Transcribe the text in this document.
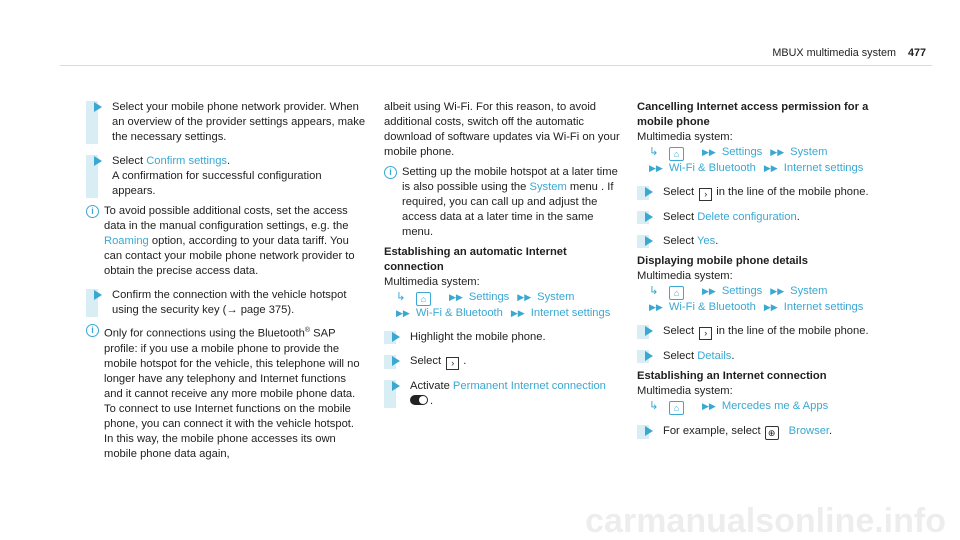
MBUX multimedia system 477

Select your mobile phone network provider. When an overview of the provider settings appears, make the necessary settings.

Select Confirm settings.

A confirmation for successful configuration appears.

i To avoid possible additional costs, set the access data in the manual configuration settings, e.g. the Roaming option, according to your data tariff. You can contact your mobile phone network provider to obtain the precise access data.

Confirm the connection with the vehicle hotspot using the security key (→ page 375).

i Only for connections using the Bluetooth® SAP profile: if you use a mobile phone to provide the mobile hotspot for the vehicle, this telephone will no longer have any telephony and Internet functions and it cannot receive any more mobile phone data. To connect to use Internet functions on the mobile phone, you can connect it with the vehicle hotspot. In this way, the mobile phone accesses its own mobile phone data again,

albeit using Wi-Fi. For this reason, to avoid additional costs, switch off the automatic download of software updates via Wi-Fi on your mobile phone.

i Setting up the mobile hotspot at a later time is also possible using the System menu . If required, you can call up and adjust the access data at a later time in the same menu.

Establishing an automatic Internet connection

Multimedia system:

↳ ⌂	▶▶ Settings ▶▶ System

▶▶ Wi-Fi & Bluetooth ▶▶ Internet settings

Highlight the mobile phone.

Select › .

Activate Permanent Internet connection

.

Cancelling Internet access permission for a mobile phone

Multimedia system:

↳ ⌂	▶▶ Settings ▶▶ System

▶▶ Wi-Fi & Bluetooth ▶▶ Internet settings

Select › in the line of the mobile phone.

Select Delete configuration.

Select Yes.

Displaying mobile phone details

Multimedia system:

↳ ⌂	▶▶ Settings ▶▶ System

▶▶ Wi-Fi & Bluetooth ▶▶ Internet settings

Select › in the line of the mobile phone.

Select Details.

Establishing an Internet connection

Multimedia system:

↳ ⌂	▶▶ Mercedes me & Apps

For example, select ⊕ Browser.

carmanualsonline.info
